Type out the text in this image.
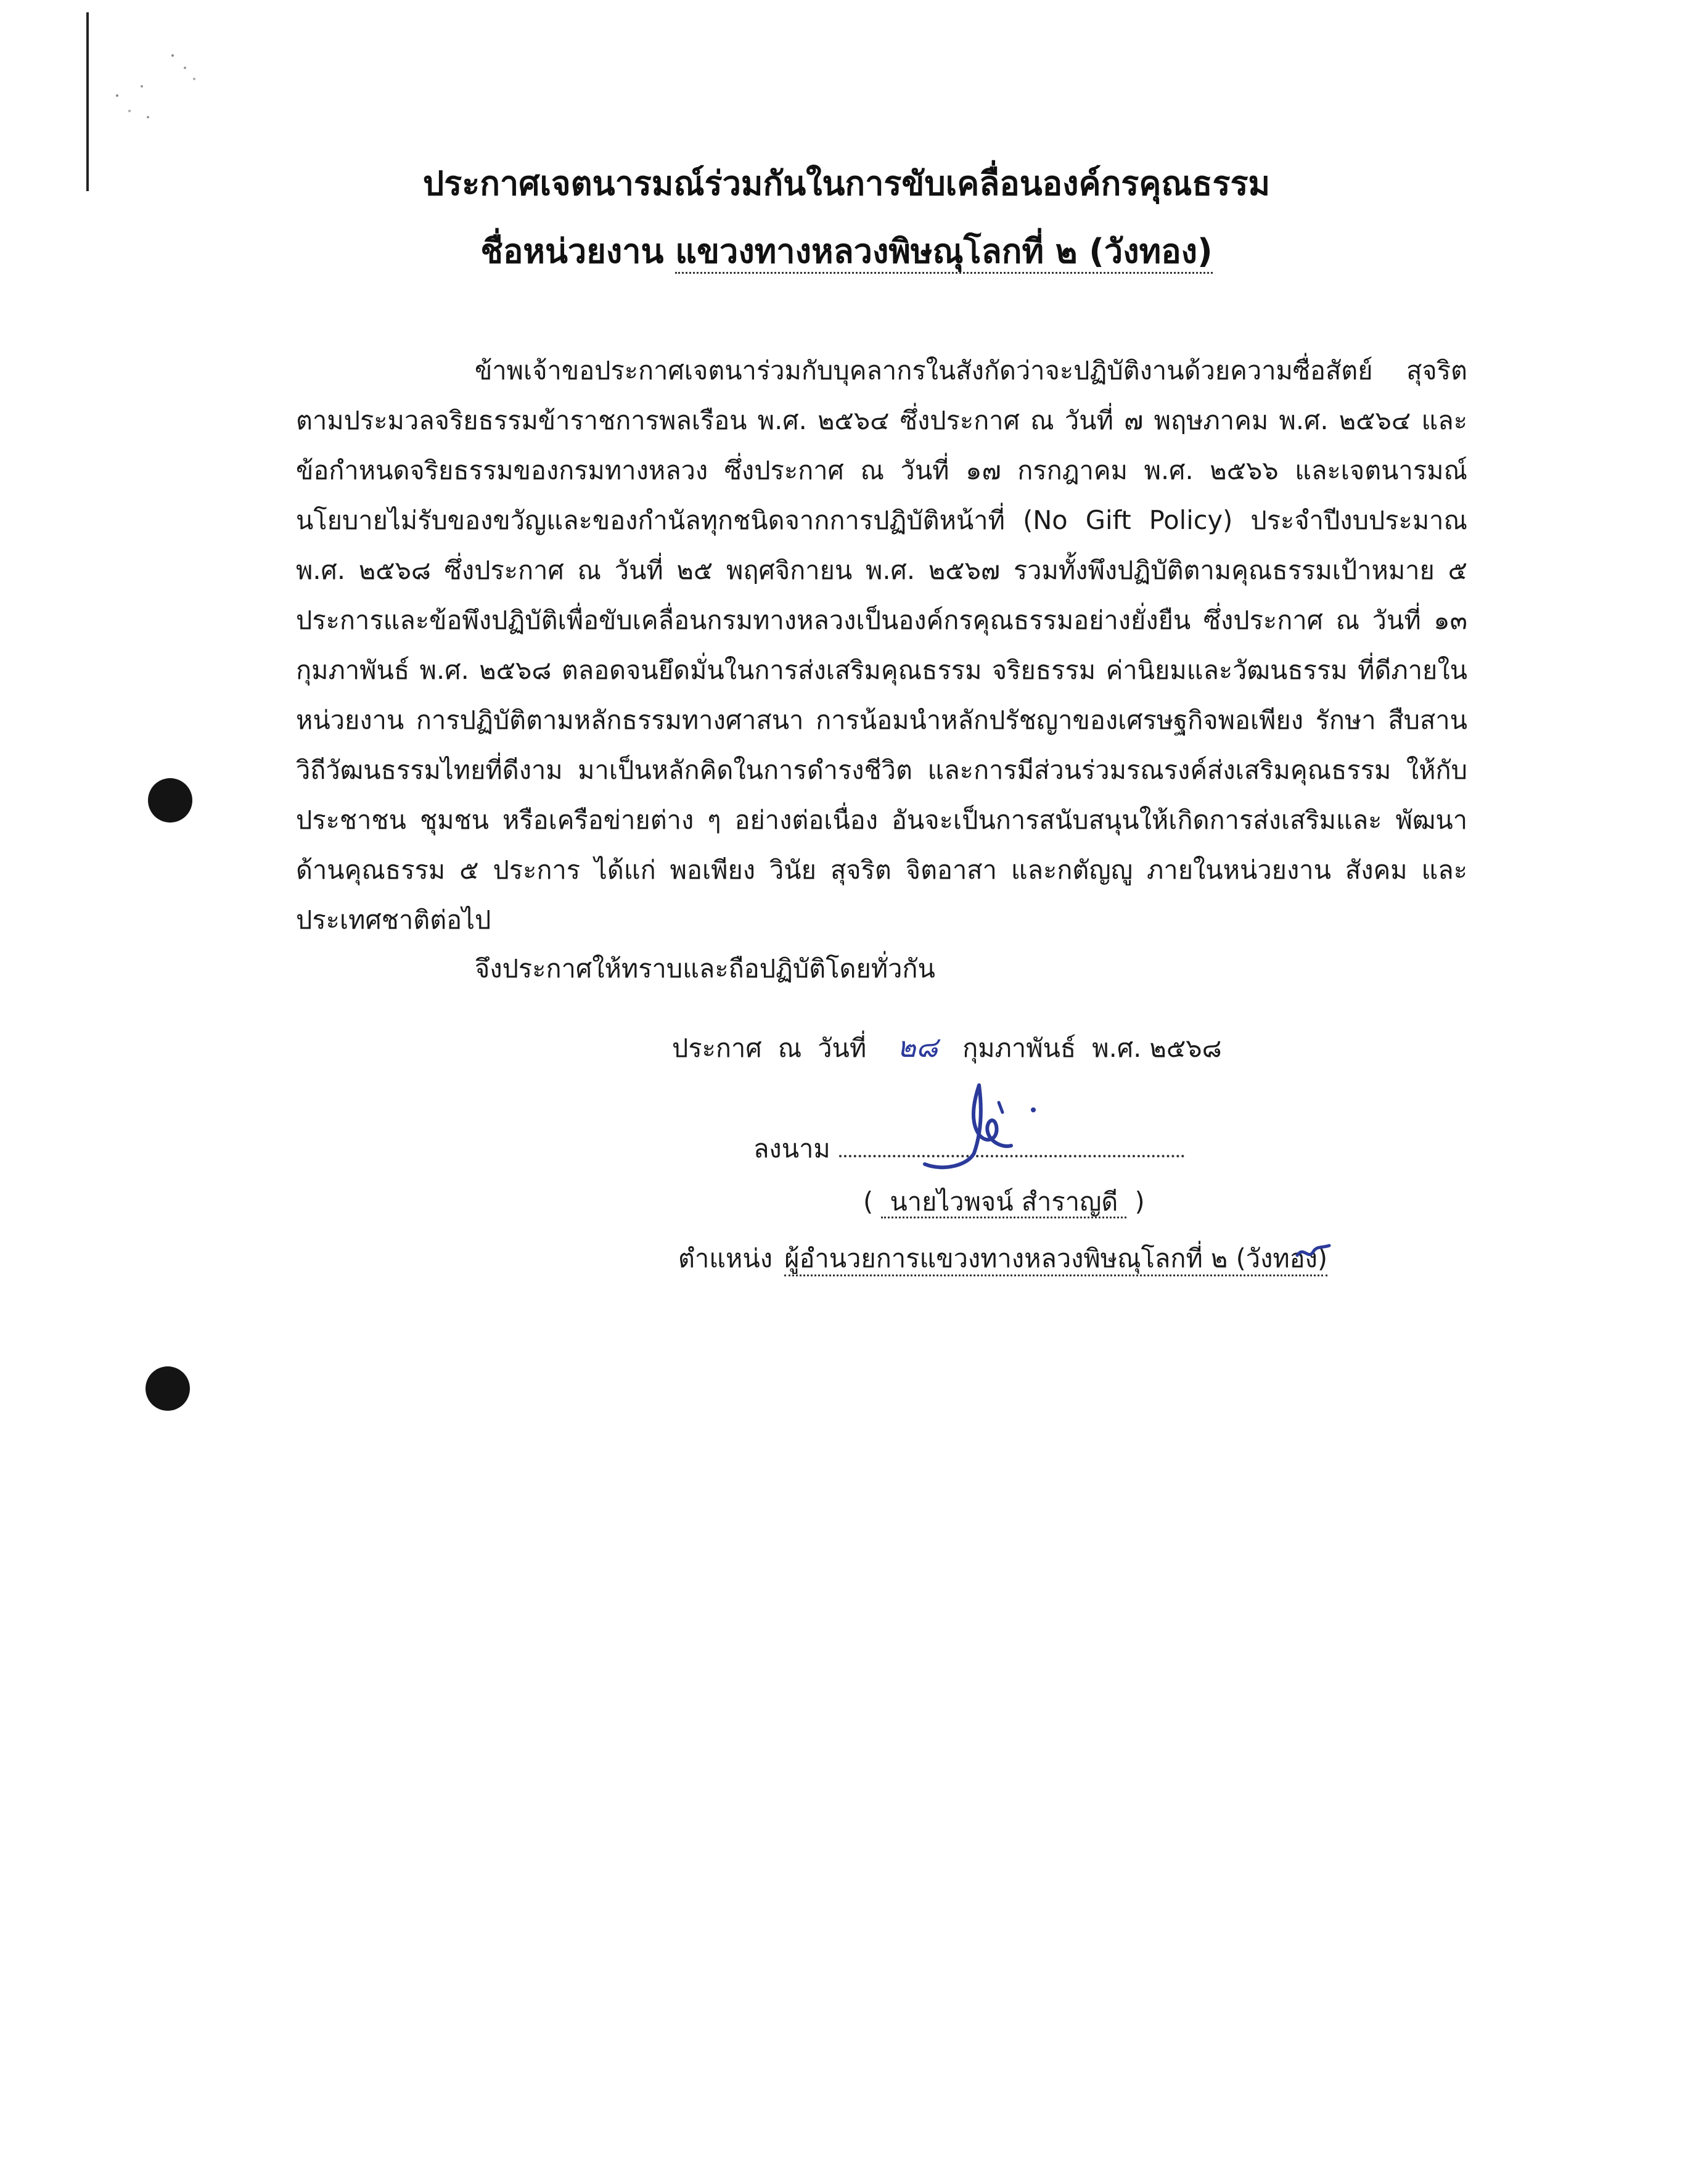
ประกาศเจตนารมณ์ร่วมกันในการขับเคลื่อนองค์กรคุณธรรม
ชื่อหน่วยงาน แขวงทางหลวงพิษณุโลกที่ ๒ (วังทอง)
ข้าพเจ้าขอประกาศเจตนาร่วมกับบุคลากรในสังกัดว่าจะปฏิบัติงานด้วยความซื่อสัตย์ สุจริต ตามประมวลจริยธรรมข้าราชการพลเรือน พ.ศ. ๒๕๖๔ ซึ่งประกาศ ณ วันที่ ๗ พฤษภาคม พ.ศ. ๒๕๖๔ และข้อกำหนดจริยธรรมของกรมทางหลวง ซึ่งประกาศ ณ วันที่ ๑๗ กรกฎาคม พ.ศ. ๒๕๖๖ และเจตนารมณ์ นโยบายไม่รับของขวัญและของกำนัลทุกชนิดจากการปฏิบัติหน้าที่ (No Gift Policy) ประจำปีงบประมาณ พ.ศ. ๒๕๖๘ ซึ่งประกาศ ณ วันที่ ๒๕ พฤศจิกายน พ.ศ. ๒๕๖๗ รวมทั้งพึงปฏิบัติตามคุณธรรมเป้าหมาย ๕ ประการและข้อพึงปฏิบัติเพื่อขับเคลื่อนกรมทางหลวงเป็นองค์กรคุณธรรมอย่างยั่งยืน ซึ่งประกาศ ณ วันที่ ๑๓ กุมภาพันธ์ พ.ศ. ๒๕๖๘ ตลอดจนยึดมั่นในการส่งเสริมคุณธรรม จริยธรรม ค่านิยมและวัฒนธรรม ที่ดีภายในหน่วยงาน การปฏิบัติตามหลักธรรมทางศาสนา การน้อมนำหลักปรัชญาของเศรษฐกิจพอเพียง รักษา สืบสานวิถีวัฒนธรรมไทยที่ดีงาม มาเป็นหลักคิดในการดำรงชีวิต และการมีส่วนร่วมรณรงค์ส่งเสริมคุณธรรม ให้กับประชาชน ชุมชน หรือเครือข่ายต่าง ๆ อย่างต่อเนื่อง อันจะเป็นการสนับสนุนให้เกิดการส่งเสริมและ พัฒนาด้านคุณธรรม ๕ ประการ ได้แก่ พอเพียง วินัย สุจริต จิตอาสา และกตัญญู ภายในหน่วยงาน สังคม และประเทศชาติต่อไป
จึงประกาศให้ทราบและถือปฏิบัติโดยทั่วกัน
ประกาศ ณ วันที่ ๒๘ กุมภาพันธ์ พ.ศ. ๒๕๖๘
ลงนาม
( นายไวพจน์ สำราญดี )
ตำแหน่ง ผู้อำนวยการแขวงทางหลวงพิษณุโลกที่ ๒ (วังทอง)
